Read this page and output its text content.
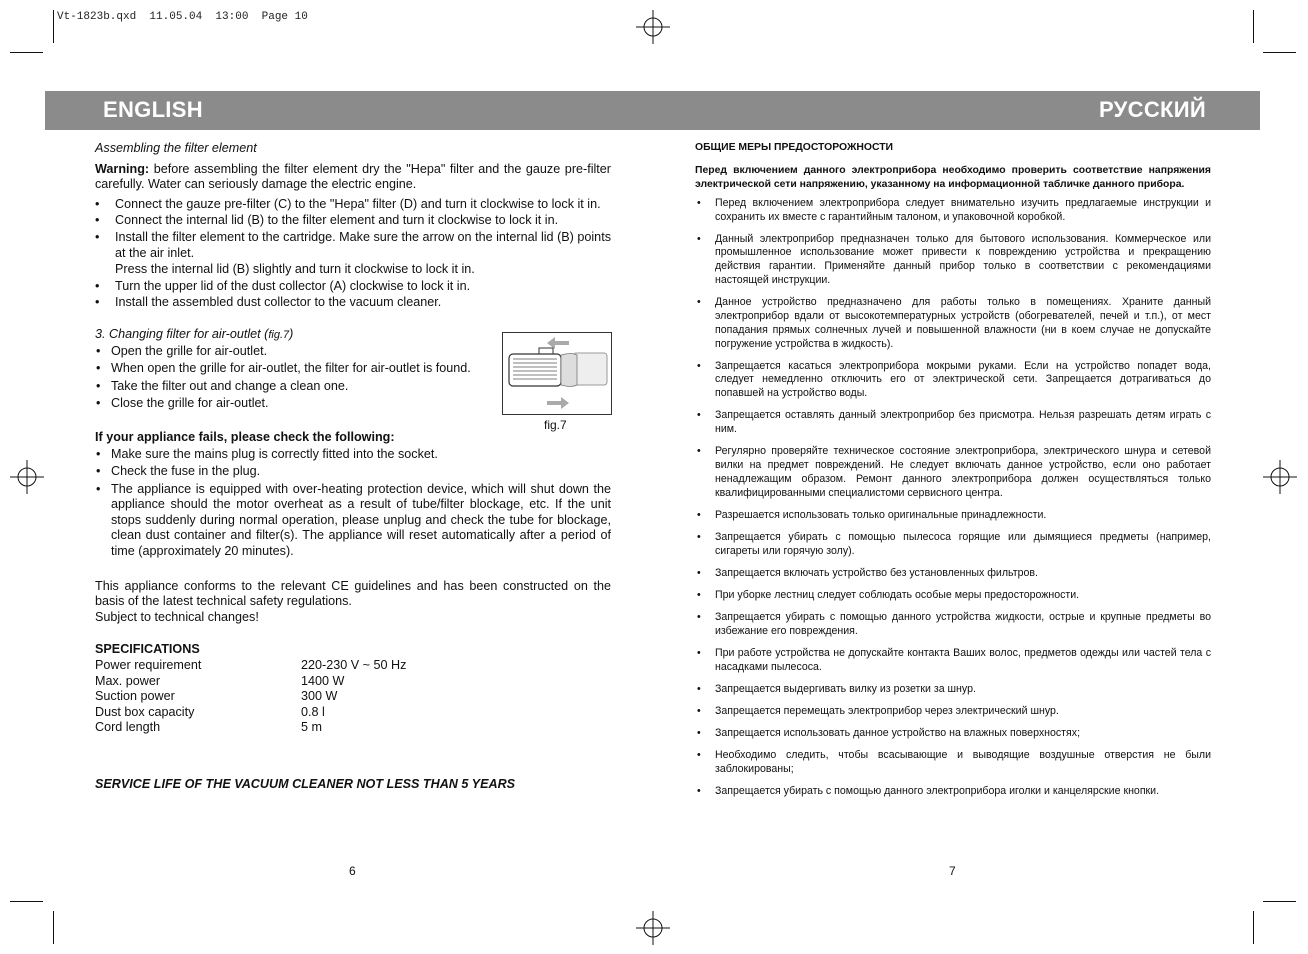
Vt-1823b.qxd  11.05.04  13:00  Page 10
ENGLISH	РУССКИЙ

Assembling the filter element

Warning: before assembling the filter element dry the "Hepa" filter and the gauze pre-filter carefully. Water can seriously damage the electric engine.

• Connect the gauze pre-filter (C) to the "Hepa" filter (D) and turn it clockwise to lock it in.
• Connect the internal lid (B) to the filter element and turn it clockwise to lock it in.
• Install the filter element to the cartridge. Make sure the arrow on the internal lid (B) points at the air inlet.

Press the internal lid (B) slightly and turn it clockwise to lock it in.

• Turn the upper lid of the dust collector (A) clockwise to lock it in.
• Install the assembled dust collector to the vacuum cleaner.

3. Changing filter for air-outlet (fig.7)

• Open the grille for air-outlet.
• When open the grille for air-outlet, the filter for air-outlet is found.
• Take the filter out and change a clean one.
• Close the grille for air-outlet.

If your appliance fails, please check the following:

• Make sure the mains plug is correctly fitted into the socket.
• Check the fuse in the plug.
• The appliance is equipped with over-heating protection device, which will shut down the appliance should the motor overheat as a result of tube/filter blockage, etc. If the unit stops suddenly during normal operation, please unplug and check the tube for blockage, clean dust container and filter(s). The appliance will reset automatically after a period of time (approximately 20 minutes).

This appliance conforms to the relevant CE guidelines and has been constructed on the basis of the latest technical safety regulations.

Subject to technical changes!

SPECIFICATIONS

Power requirement	220-230 V ~ 50 Hz
Max. power	1400 W
Suction power	300 W
Dust box capacity	0.8 l
Cord length	5 m

SERVICE LIFE OF THE VACUUM CLEANER NOT LESS THAN 5 YEARS

fig.7

ОБЩИЕ МЕРЫ ПРЕДОСТОРОЖНОСТИ

Перед включением данного электроприбора необходимо проверить соответствие напряжения электрической сети напряжению, указанному на информационной табличке данного прибора.

• Перед включением электроприбора следует внимательно изучить предлагаемые инструкции и сохранить их вместе с гарантийным талоном, и упаковочной коробкой.
• Данный электроприбор предназначен только для бытового использования. Коммерческое или промышленное использование может привести к повреждению устройства и прекращению действия гарантии. Применяйте данный прибор только в соответствии с рекомендациями настоящей инструкции.
• Данное устройство предназначено для работы только в помещениях. Храните данный электроприбор вдали от высокотемпературных устройств (обогревателей, печей и т.п.), от мест попадания прямых солнечных лучей и повышенной влажности (ни в коем случае не допускайте погружение устройства в жидкость).
• Запрещается касаться электроприбора мокрыми руками. Если на устройство попадет вода, следует немедленно отключить его от электрической сети. Запрещается дотрагиваться до попавшей на устройство воды.
• Запрещается оставлять данный электроприбор без присмотра. Нельзя разрешать детям играть с ним.
• Регулярно проверяйте техническое состояние электроприбора, электрического шнура и сетевой вилки на предмет повреждений. Не следует включать данное устройство, если оно работает ненадлежащим образом. Ремонт данного электроприбора должен осуществляться только квалифицированными специалистоми сервисного центра.
• Разрешается использовать только оригинальные принадлежности.
• Запрещается убирать с помощью пылесоса горящие или дымящиеся предметы (например, сигареты или горячую золу).
• Запрещается включать устройство без установленных фильтров.
• При уборке лестниц следует соблюдать особые меры предосторожности.
• Запрещается убирать с помощью данного устройства жидкости, острые и крупные предметы во избежание его повреждения.
• При работе устройства не допускайте контакта Ваших волос, предметов одежды или частей тела с насадками пылесоса.
• Запрещается выдергивать вилку из розетки за шнур.
• Запрещается перемещать электроприбор через электрический шнур.
• Запрещается использовать данное устройство на влажных поверхностях;
• Необходимо следить, чтобы всасывающие и выводящие воздушные отверстия не были заблокированы;
• Запрещается убирать с помощью данного электроприбора иголки и канцелярские кнопки.
6	7
